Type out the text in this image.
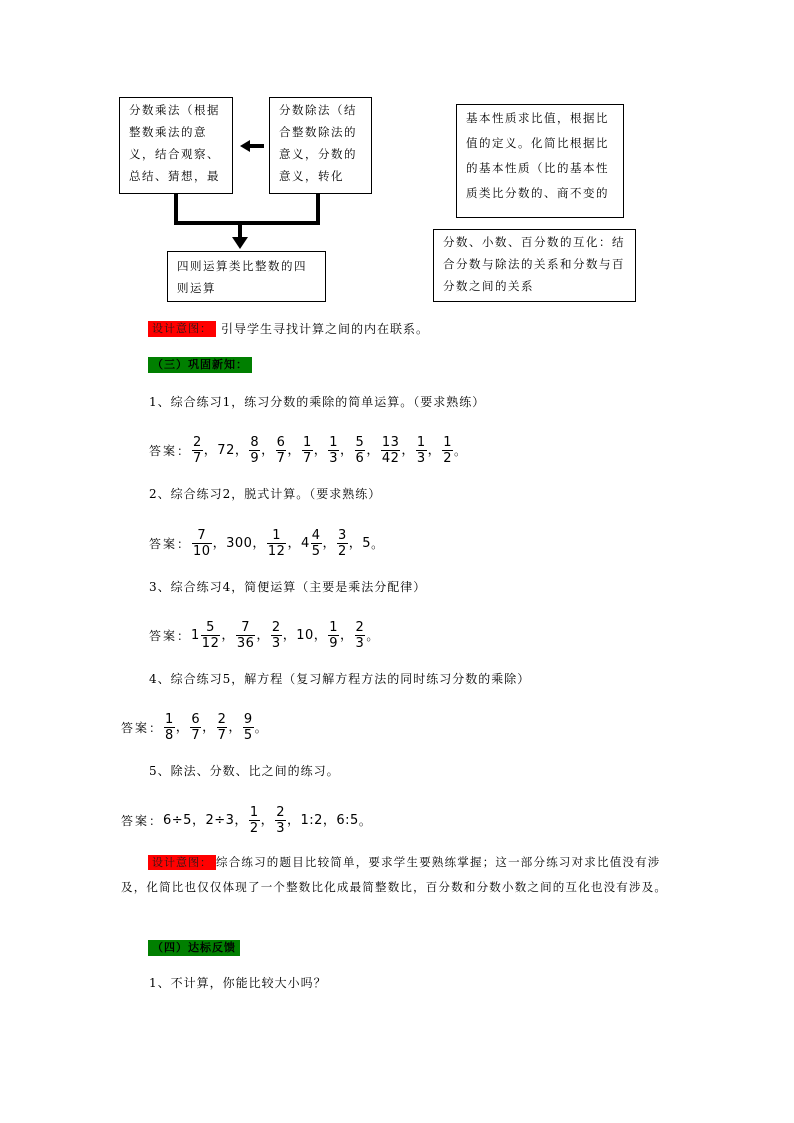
分数乘法（根据整数乘法的意义，结合观察、总结、猜想，最
分数除法（结合整数除法的意义，分数的意义，转化
四则运算类比整数的四则运算
基本性质求比值，根据比值的定义。化简比根据比的基本性质（比的基本性质类比分数的、商不变的
分数、小数、百分数的互化：结合分数与除法的关系和分数与百分数之间的关系
设计意图： 引导学生寻找计算之间的内在联系。
（三）巩固新知：
1、综合练习1，练习分数的乘除的简单运算。（要求熟练）
答案： $\frac{2}{7}$ ，72， $\frac{8}{9}$ ， $\frac{6}{7}$ ， $\frac{1}{7}$ ， $\frac{1}{3}$ ， $\frac{5}{6}$ ， $\frac{13}{42}$ ， $\frac{1}{3}$ ， $\frac{1}{2}$ 。
2、综合练习2，脱式计算。（要求熟练）
答案： $\frac{7}{10}$ ，300， $\frac{1}{12}$ ，$4 \frac{4}{5}$ ， $\frac{3}{2}$ ，5 。
3、综合练习4，简便运算（主要是乘法分配律）
答案： $1 \frac{5}{12}$ ， $\frac{7}{36}$ ， $\frac{2}{3}$ ，10， $\frac{1}{9}$ ， $\frac{2}{3}$ 。
4、综合练习5，解方程（复习解方程方法的同时练习分数的乘除）
答案： $\frac{1}{8}$ ， $\frac{6}{7}$ ， $\frac{2}{7}$ ， $\frac{9}{5}$ 。
5、除法、分数、比之间的练习。
答案： 6÷5，2÷3， $\frac{1}{2}$ ， $\frac{2}{3}$ ，1:2，6:5 。
设计意图： 综合练习的题目比较简单，要求学生要熟练掌握；这一部分练习对求比值没有涉及，化简比也仅仅体现了一个整数比化成最简整数比，百分数和分数小数之间的互化也没有涉及。
（四）达标反馈
1、不计算，你能比较大小吗？
